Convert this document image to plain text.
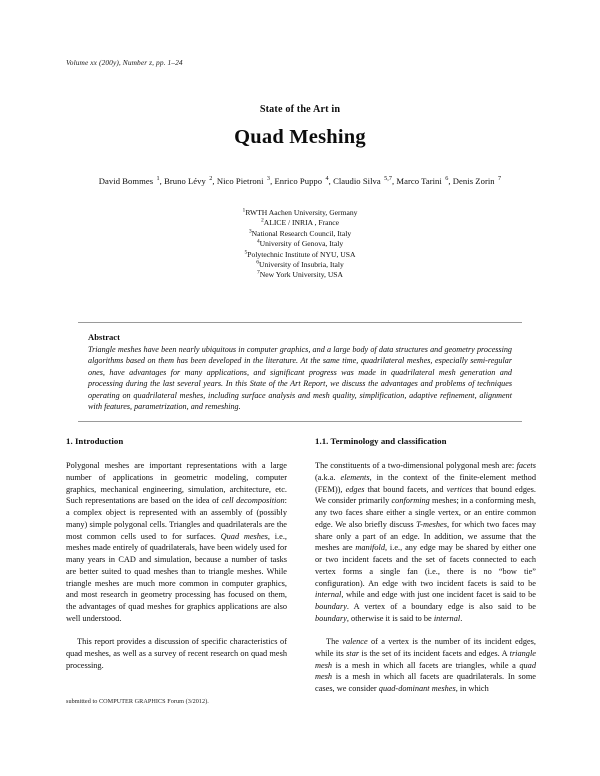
Volume xx (200y), Number z, pp. 1–24
State of the Art in
Quad Meshing
David Bommes $^1$, Bruno Lévy $^2$, Nico Pietroni $^3$, Enrico Puppo $^4$, Claudio Silva $^{5,7}$, Marco Tarini $^6$, Denis Zorin $^7$
$^1$RWTH Aachen University, Germany
$^2$ALICE / INRIA , France
$^3$National Research Council, Italy
$^4$University of Genova, Italy
$^5$Polytechnic Institute of NYU, USA
$^6$University of Insubria, Italy
$^7$New York University, USA
Abstract
Triangle meshes have been nearly ubiquitous in computer graphics, and a large body of data structures and geometry processing algorithms based on them has been developed in the literature. At the same time, quadrilateral meshes, especially semi-regular ones, have advantages for many applications, and significant progress was made in quadrilateral mesh generation and processing during the last several years. In this State of the Art Report, we discuss the advantages and problems of techniques operating on quadrilateral meshes, including surface analysis and mesh quality, simplification, adaptive refinement, alignment with features, parametrization, and remeshing.
1. Introduction

Polygonal meshes are important representations with a large number of applications in geometric modeling, computer graphics, mechanical engineering, simulation, architecture, etc. Such representations are based on the idea of cell decomposition: a complex object is represented with an assembly of (possibly many) simple polygonal cells. Triangles and quadrilaterals are the most common cells used to for surfaces. Quad meshes, i.e., meshes made entirely of quadrilaterals, have been widely used for many years in CAD and simulation, because a number of tasks are better suited to quad meshes than to triangle meshes. While triangle meshes are much more common in computer graphics, and most research in geometry processing has focused on them, the advantages of quad meshes for graphics applications are also well understood.

This report provides a discussion of specific characteristics of quad meshes, as well as a survey of recent research on quad mesh processing.

1.1. Terminology and classification

The constituents of a two-dimensional polygonal mesh are: facets (a.k.a. elements, in the context of the finite-element method (FEM)), edges that bound facets, and vertices that bound edges. We consider primarily conforming meshes; in a conforming mesh, any two faces share either a single vertex, or an entire common edge. We also briefly discuss T-meshes, for which two faces may share only a part of an edge. In addition, we assume that the meshes are manifold, i.e., any edge may be shared by either one or two incident facets and the set of facets connected to each vertex forms a single fan (i.e., there is no “bow tie” configuration). An edge with two incident facets is said to be internal, while and edge with just one incident facet is said to be boundary. A vertex of a boundary edge is also said to be boundary, otherwise it is said to be internal.

The valence of a vertex is the number of its incident edges, while its star is the set of its incident facets and edges. A triangle mesh is a mesh in which all facets are triangles, while a quad mesh is a mesh in which all facets are quadrilaterals. In some cases, we consider quad-dominant meshes, in which

submitted to COMPUTER GRAPHICS Forum (3/2012).
